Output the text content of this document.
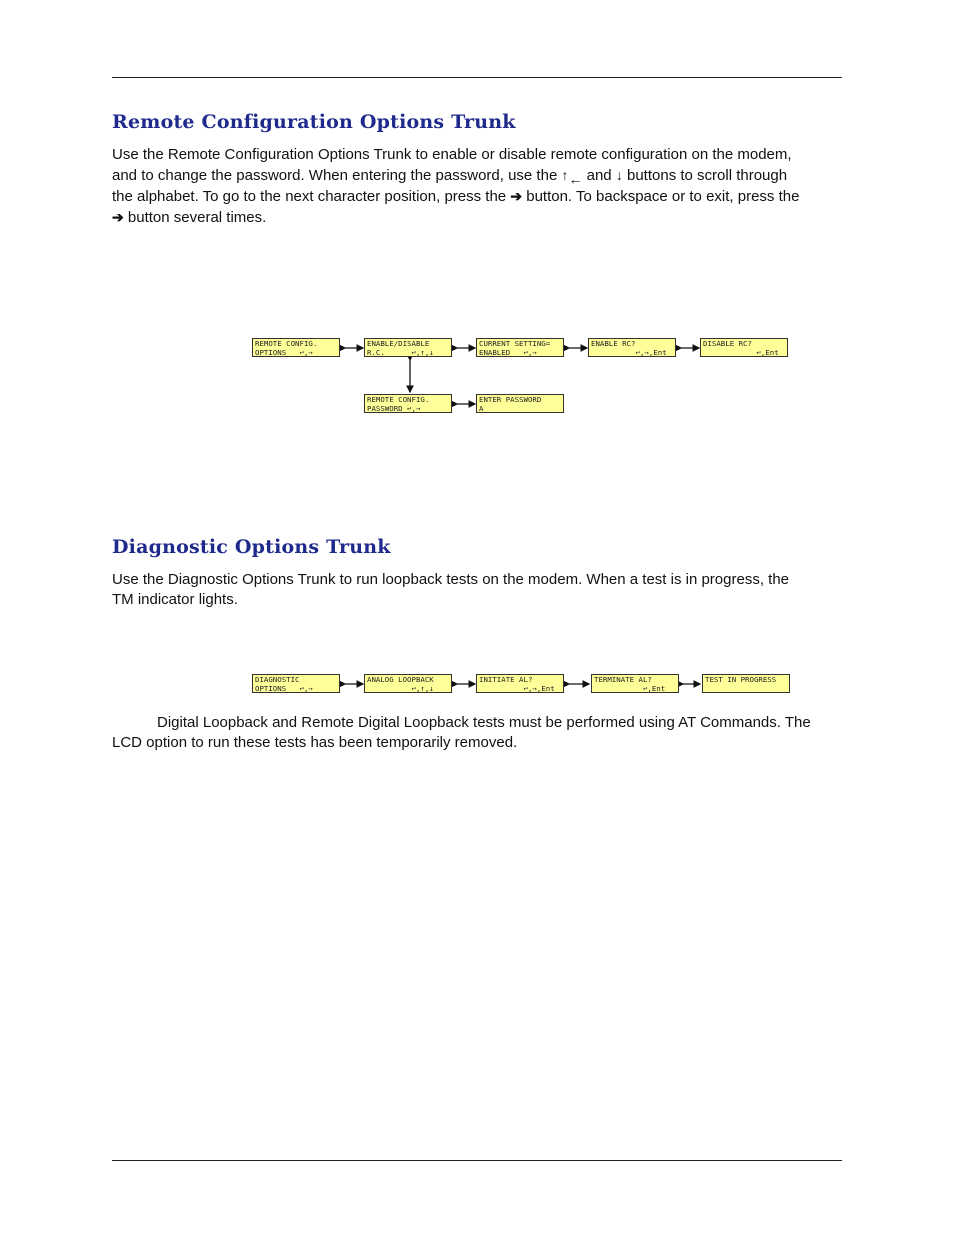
Remote Configuration Options Trunk

Use the Remote Configuration Options Trunk to enable or disable remote configuration on the modem,
and to change the password. When entering the password, use the ↑← and ↓ buttons to scroll through
the alphabet. To go to the next character position, press the ➔ button. To backspace or to exit, press the
➔ button several times.

REMOTE CONFIG.
OPTIONS   ↩,→
ENABLE/DISABLE
R.C.      ↩,↑,↓
CURRENT SETTING=
ENABLED   ↩,→
ENABLE RC?
↩,→,Ent
DISABLE RC?
↩,Ent
REMOTE CONFIG.
PASSWORD ↩,→
ENTER PASSWORD
A
Diagnostic Options Trunk

Use the Diagnostic Options Trunk to run loopback tests on the modem. When a test is in progress, the
TM indicator lights.

DIAGNOSTIC
OPTIONS   ↩,→
ANALOG LOOPBACK
↩,↑,↓
INITIATE AL?
↩,→,Ent
TERMINATE AL?
↩,Ent
TEST IN PROGRESS

Digital Loopback and Remote Digital Loopback tests must be performed using AT Commands. The
LCD option to run these tests has been temporarily removed.
